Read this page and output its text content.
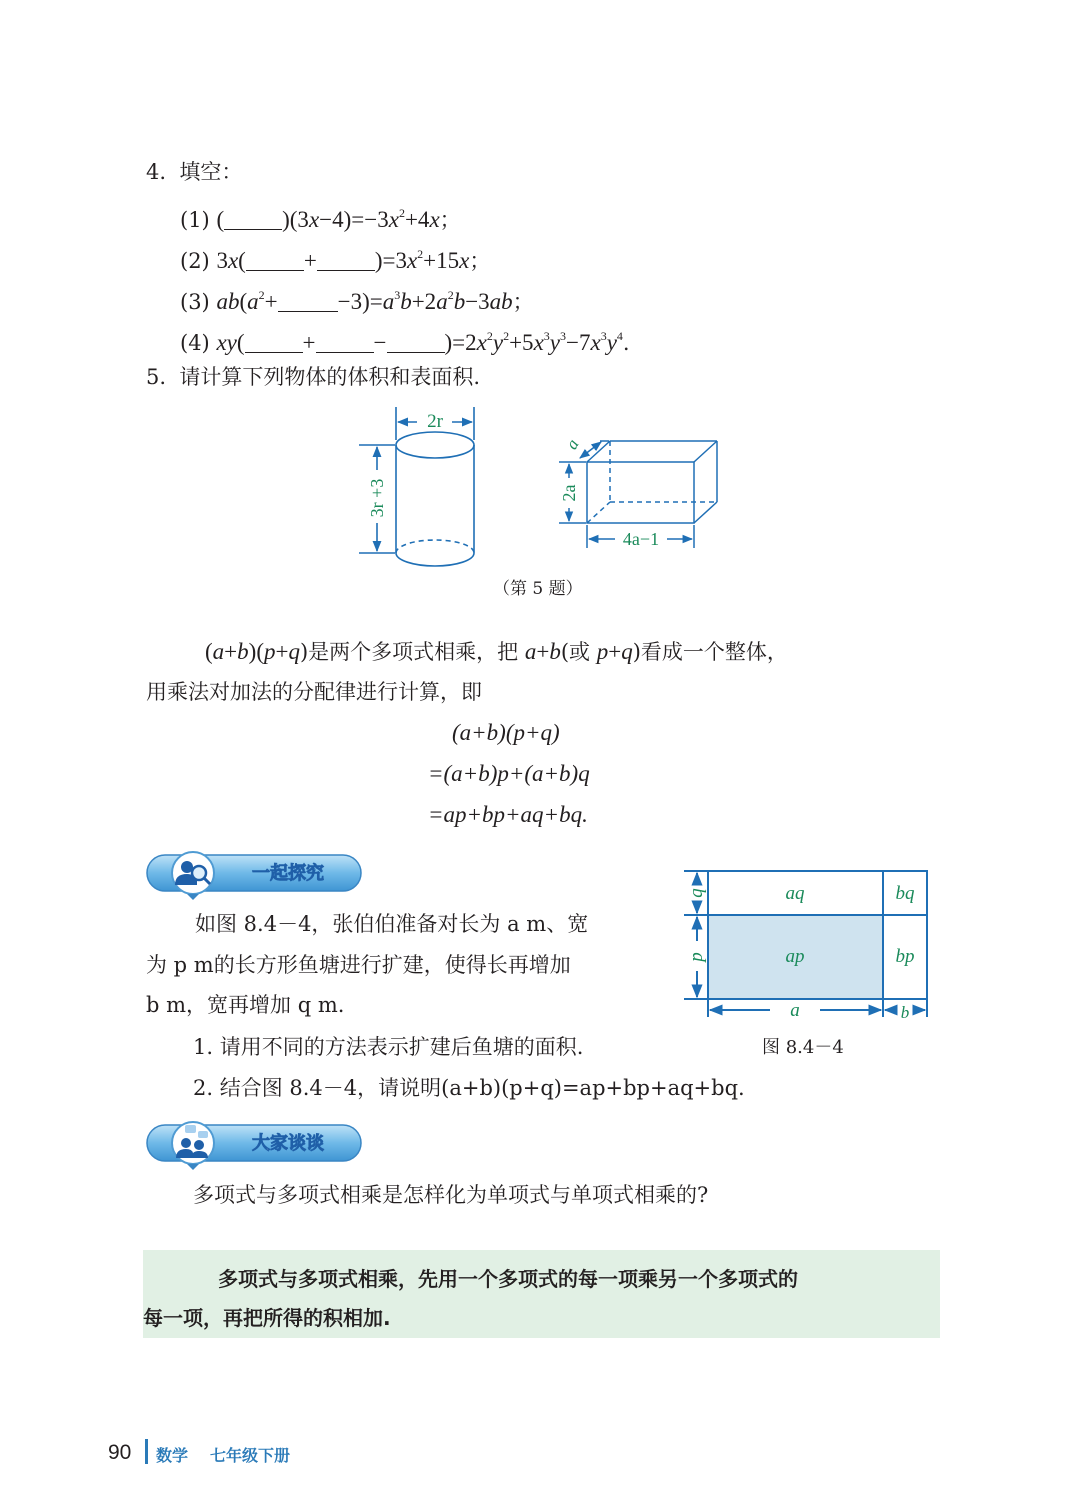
4. 填空：
(1) (	)$(3x-4)=-3x^2+4x$；
(2) 3x(	+	)$=3x^2+15x$；
(3) $ab(a^2+$	$-3)=a^3b+2a^2b-3ab$；
(4) xy(	+	−	)$=2x^2y^2+5x^3y^3-7x^3y^4$.
5. 请计算下列物体的体积和表面积.
2r
3r +3
a
2a
4a−1
（第 5 题）
(a+b)(p+q)是两个多项式相乘，把 a+b(或 p+q)看成一个整体，
用乘法对加法的分配律进行计算，即
(a+b)(p+q)
=(a+b)p+(a+b)q
=ap+bp+aq+bq.
一起探究
如图 8.4－4，张伯伯准备对长为 a m、宽
为 p m的长方形鱼塘进行扩建，使得长再增加
b m，宽再增加 q m.
aq	bq
ap	bp
q
p
a	b
图 8.4－4
1. 请用不同的方法表示扩建后鱼塘的面积.
2. 结合图 8.4－4，请说明(a+b)(p+q)=ap+bp+aq+bq.
大家谈谈
多项式与多项式相乘是怎样化为单项式与单项式相乘的?
多项式与多项式相乘，先用一个多项式的每一项乘另一个多项式的
每一项，再把所得的积相加.
90 数学 七年级下册
